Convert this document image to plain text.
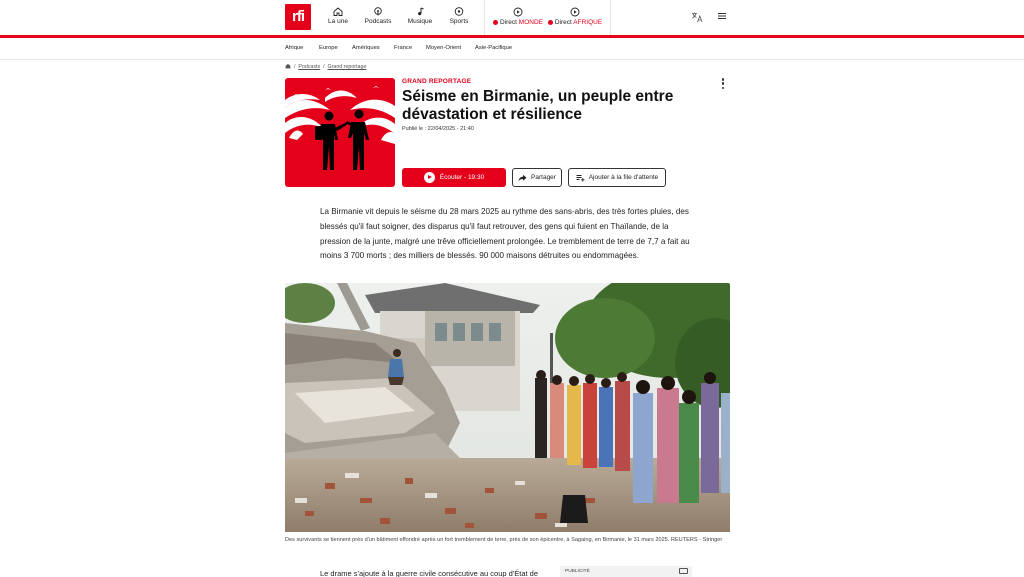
rfi	La une	Podcasts	Musique	Sports	Direct MONDE	Direct AFRIQUE
Afrique	Europe Amériques France Moyen-Orient Asie-Pacifique
/  Podcasts  /  Grand reportage
GRAND REPORTAGE
Séisme en Birmanie, un peuple entre dévastation et résilience
Publié le : 22/04/2025 - 21:40
Écouter - 19:30	Partager	Ajouter à la file d'attente

La Birmanie vit depuis le séisme du 28 mars 2025 au rythme des sans-abris, des très fortes pluies, des blessés qu'il faut soigner, des disparus qu'il faut retrouver, des gens qui fuient en Thaïlande, de la pression de la junte, malgré une trêve officiellement prolongée. Le tremblement de terre de 7,7 a fait au moins 3 700 morts ; des milliers de blessés. 90 000 maisons détruites ou endommagées.

Des survivants se tiennent près d'un bâtiment effondré après un fort tremblement de terre, près de son épicentre, à Sagaing, en Birmanie, le 31 mars 2025. REUTERS - Stringer

Le drame s'ajoute à la guerre civile consécutive au coup d'État de	PUBLICITÉ
